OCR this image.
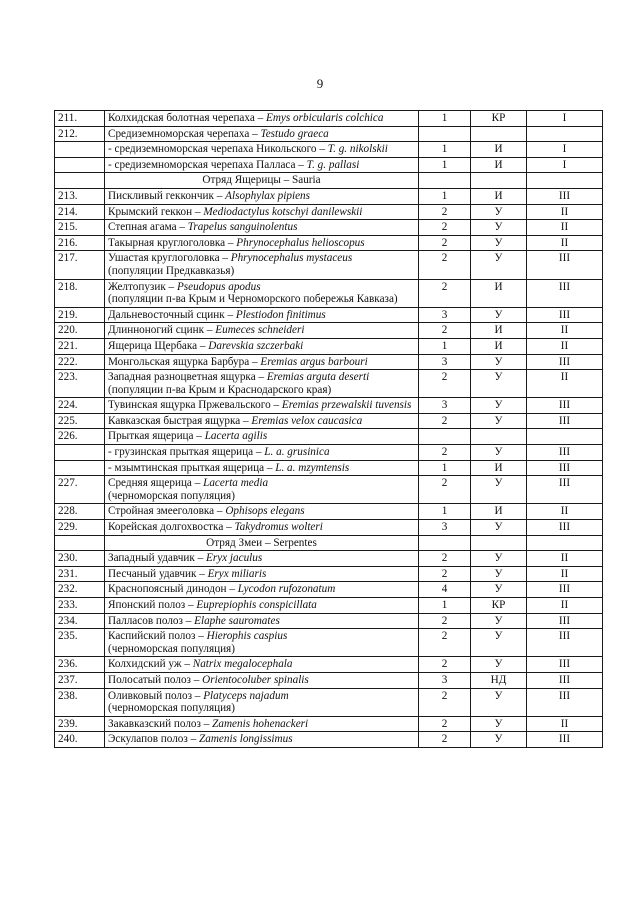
9
211.	Колхидская болотная черепаха – Emys orbicularis colchica	1	КР	I
212.	Средиземноморская черепаха – Testudo graeca			
	- средиземноморская черепаха Никольского – T. g. nikolskii	1	И	I
	- средиземноморская черепаха Палласа – T. g. pallasi	1	И	I
	Отряд Ящерицы – Sauria			
213.	Пискливый геккончик – Alsophylax pipiens	1	И	III
214.	Крымский геккон – Mediodactylus kotschyi danilewskii	2	У	II
215.	Степная агама – Trapelus sanguinolentus	2	У	II
216.	Такырная круглоголовка – Phrynocephalus helioscopus	2	У	II
217.	Ушастая круглоголовка – Phrynocephalus mystaceus
(популяции Предкавказья)	2	У	III
218.	Желтопузик – Pseudopus apodus
(популяции п-ва Крым и Черноморского побережья Кавказа)	2	И	III
219.	Дальневосточный сцинк – Plestiodon finitimus	3	У	III
220.	Длинноногий сцинк – Eumeces schneideri	2	И	II
221.	Ящерица Щербака – Darevskia szczerbaki	1	И	II
222.	Монгольская ящурка Барбура – Eremias argus barbouri	3	У	III
223.	Западная разноцветная ящурка – Eremias arguta deserti
(популяции п-ва Крым и Краснодарского края)	2	У	II
224.	Тувинская ящурка Пржевальского – Eremias przewalskii tuvensis	3	У	III
225.	Кавказская быстрая ящурка – Eremias velox caucasica	2	У	III
226.	Прыткая ящерица – Lacerta agilis			
	- грузинская прыткая ящерица – L. a. grusinica	2	У	III
	- мзымтинская прыткая ящерица – L. a. mzymtensis	1	И	III
227.	Средняя ящерица – Lacerta media
(черноморская популяция)	2	У	III
228.	Стройная змееголовка – Ophisops elegans	1	И	II
229.	Корейская долгохвостка – Takydromus wolteri	3	У	III
	Отряд Змеи – Serpentes			
230.	Западный удавчик – Eryx jaculus	2	У	II
231.	Песчаный удавчик – Eryx miliaris	2	У	II
232.	Краснопоясный динодон – Lycodon rufozonatum	4	У	III
233.	Японский полоз – Euprepiophis conspicillata	1	КР	II
234.	Палласов полоз – Elaphe sauromates	2	У	III
235.	Каспийский полоз – Hierophis caspius
(черноморская популяция)	2	У	III
236.	Колхидский уж – Natrix megalocephala	2	У	III
237.	Полосатый полоз – Orientocoluber spinalis	3	НД	III
238.	Оливковый полоз – Platyceps najadum
(черноморская популяция)	2	У	III
239.	Закавказский полоз – Zamenis hohenackeri	2	У	II
240.	Эскулапов полоз – Zamenis longissimus	2	У	III
